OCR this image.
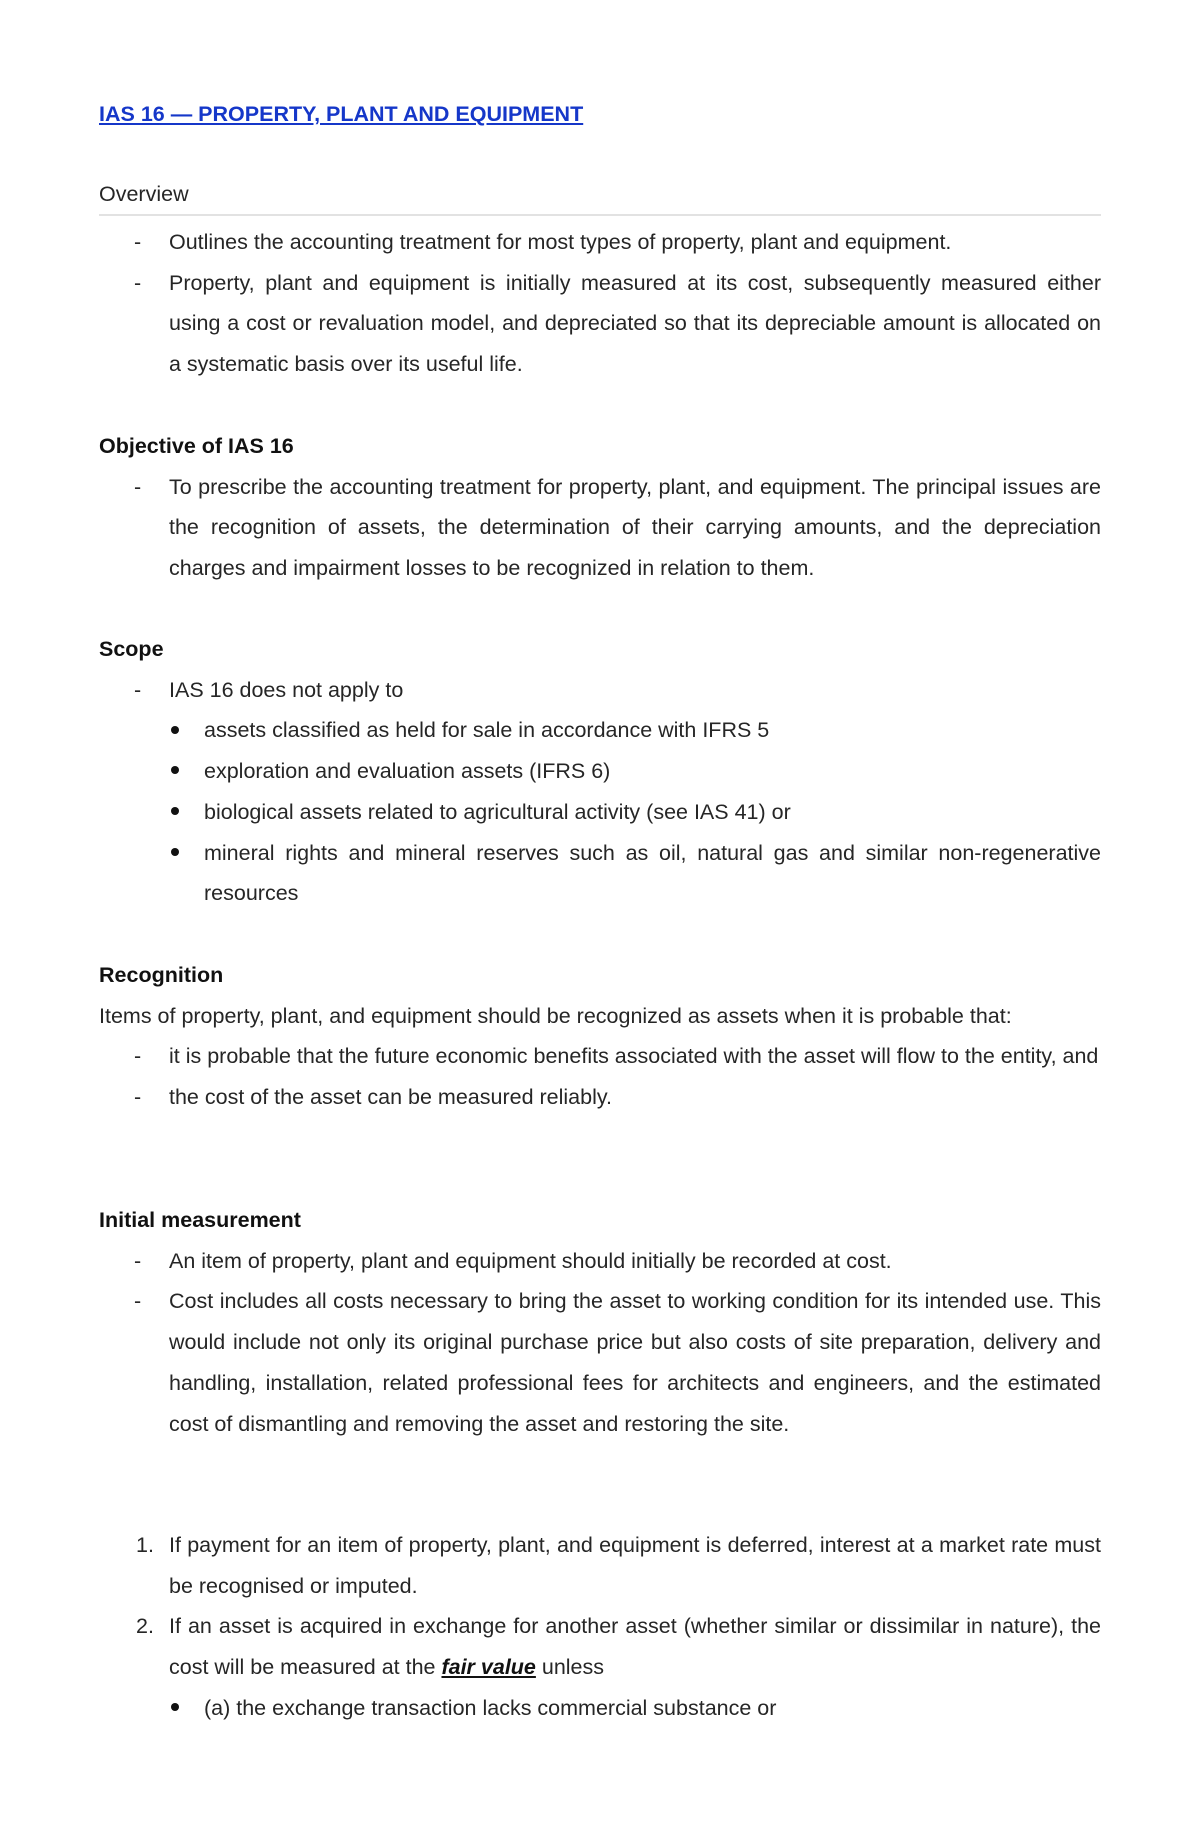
IAS 16 — PROPERTY, PLANT AND EQUIPMENT
Overview

-	Outlines the accounting treatment for most types of property, plant and equipment.

-	Property, plant and equipment is initially measured at its cost, subsequently measured either using a cost or revaluation model, and depreciated so that its depreciable amount is allocated on a systematic basis over its useful life.

Objective of IAS 16

-	To prescribe the accounting treatment for property, plant, and equipment. The principal issues are the recognition of assets, the determination of their carrying amounts, and the depreciation charges and impairment losses to be recognized in relation to them.

Scope

-	IAS 16 does not apply to

assets classified as held for sale in accordance with IFRS 5

exploration and evaluation assets (IFRS 6)

biological assets related to agricultural activity (see IAS 41) or

mineral rights and mineral reserves such as oil, natural gas and similar non-regenerative resources

Recognition

Items of property, plant, and equipment should be recognized as assets when it is probable that:

-	it is probable that the future economic benefits associated with the asset will flow to the entity, and

-	the cost of the asset can be measured reliably.

Initial measurement

-	An item of property, plant and equipment should initially be recorded at cost.

-	Cost includes all costs necessary to bring the asset to working condition for its intended use. This would include not only its original purchase price but also costs of site preparation, delivery and handling, installation, related professional fees for architects and engineers, and the estimated cost of dismantling and removing the asset and restoring the site.

1. If payment for an item of property, plant, and equipment is deferred, interest at a market rate must be recognised or imputed.

2. If an asset is acquired in exchange for another asset (whether similar or dissimilar in nature), the cost will be measured at the fair value unless

(a) the exchange transaction lacks commercial substance or
